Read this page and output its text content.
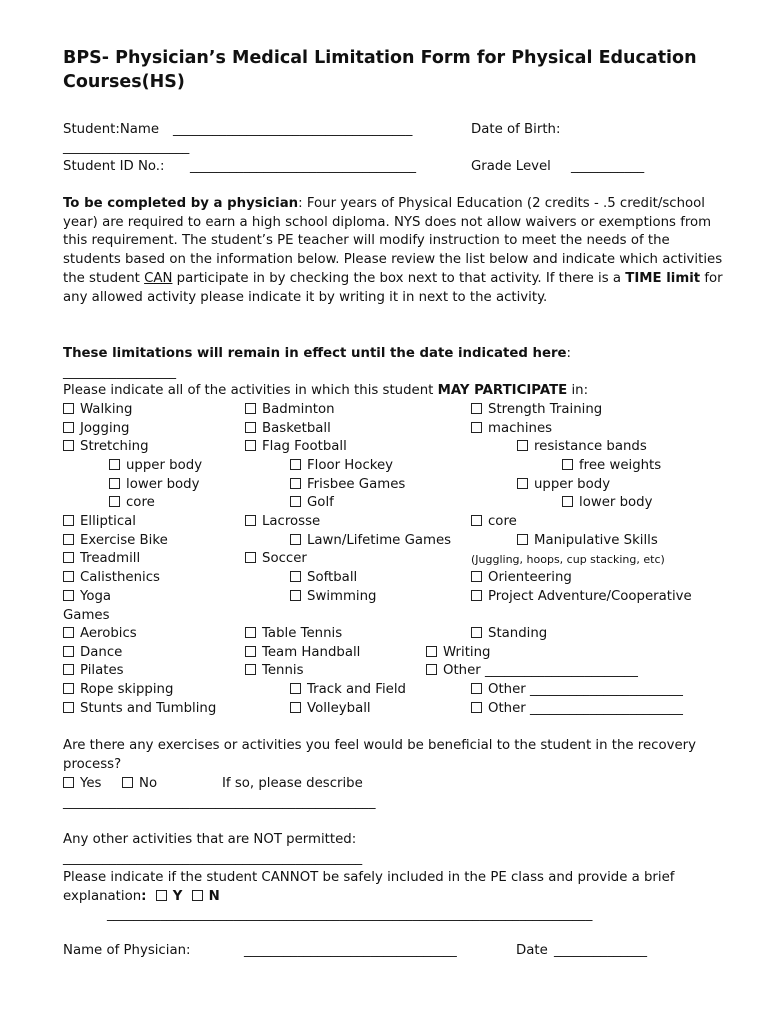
BPS- Physician’s Medical Limitation Form for Physical Education Courses(HS)
Student:Name ____________________________________	Date of Birth:
___________________
Student ID No.: __________________________________	Grade Level ___________
To be completed by a physician: Four years of Physical Education (2 credits - .5 credit/school year) are required to earn a high school diploma. NYS does not allow waivers or exemptions from this requirement. The student’s PE teacher will modify instruction to meet the needs of the students based on the information below. Please review the list below and indicate which activities the student CAN participate in by checking the box next to that activity. If there is a TIME limit for any allowed activity please indicate it by writing it in next to the activity.
These limitations will remain in effect until the date indicated here:
_________________
Please indicate all of the activities in which this student MAY PARTICIPATE in:
Walking
Jogging
Stretching
upper body
lower body
core
Elliptical
Exercise Bike
Treadmill
Calisthenics
Yoga
Games
Aerobics
Dance
Pilates
Rope skipping
Stunts and Tumbling
Badminton
Basketball
Flag Football
Floor Hockey
Frisbee Games
Golf
Lacrosse
Lawn/Lifetime Games
Soccer
Softball
Swimming
Table Tennis
Team Handball
Tennis
Track and Field
Volleyball
Strength Training
machines
resistance bands
free weights
upper body
lower body
core
Manipulative Skills
(Juggling, hoops, cup stacking, etc)
Orienteering
Project Adventure/Cooperative
Standing
Writing
Other _______________________
Other _______________________
Other _______________________
Are there any exercises or activities you feel would be beneficial to the student in the recovery process?
Yes	No	If so, please describe
_______________________________________________
Any other activities that are NOT permitted:
_____________________________________________
Please indicate if the student CANNOT be safely included in the PE class and provide a brief explanation: Y N
_________________________________________________________________________
Name of Physician:	________________________________	Date ______________
